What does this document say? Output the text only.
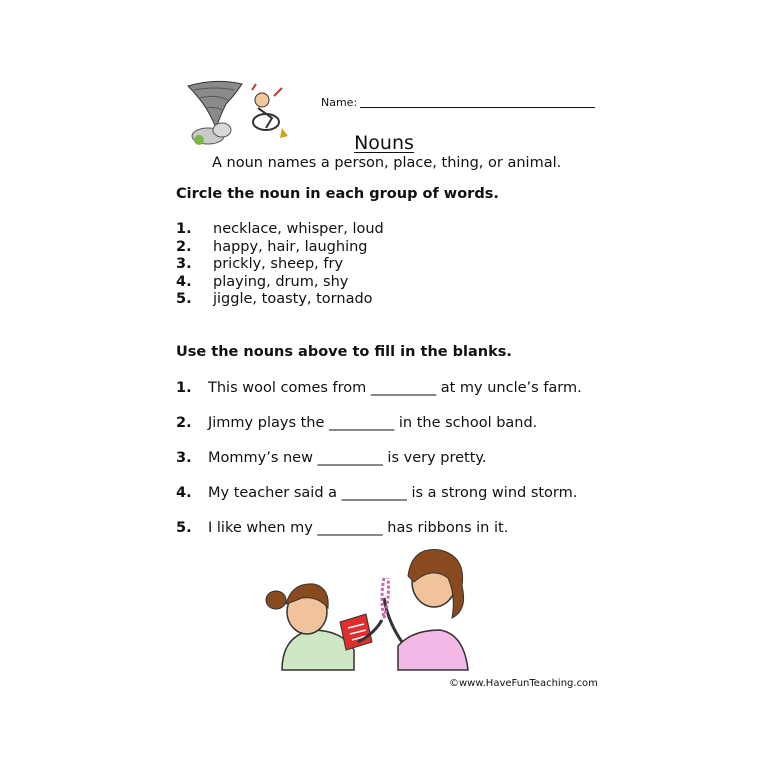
Name:
Nouns
A noun names a person, place, thing, or animal.
Circle the noun in each group of words.
1. necklace, whisper, loud
2. happy, hair, laughing
3. prickly, sheep, fry
4. playing, drum, shy
5. jiggle, toasty, tornado
Use the nouns above to fill in the blanks.
1. This wool comes from _________ at my uncle’s farm.
2. Jimmy plays the _________ in the school band.
3. Mommy’s new _________ is very pretty.
4. My teacher said a _________ is a strong wind storm.
5. I like when my _________ has ribbons in it.
©www.HaveFunTeaching.com
